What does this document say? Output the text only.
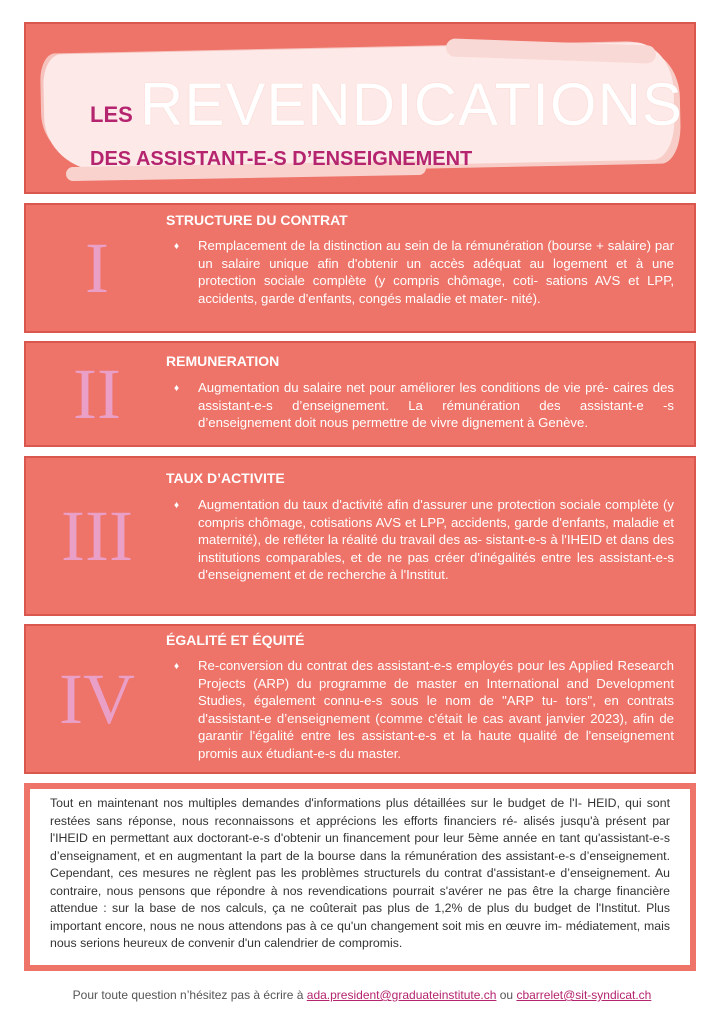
REVENDICATIONS
LES
DES ASSISTANT-E-S D’ENSEIGNEMENT
I
STRUCTURE DU CONTRAT
♦	Remplacement de la distinction au sein de la rémunération (bourse + salaire) par un salaire unique afin d'obtenir un accès adéquat au logement et à une protection sociale complète (y compris chômage, coti- sations AVS et LPP, accidents, garde d'enfants, congés maladie et mater- nité).

II	REMUNERATION
♦	Augmentation du salaire net pour améliorer les conditions de vie pré- caires des assistant-e-s d’enseignement. La rémunération des assistant-e -s d’enseignement doit nous permettre de vivre dignement à Genève.

III
TAUX D’ACTIVITE
♦	Augmentation du taux d'activité afin d'assurer une protection sociale complète (y compris chômage, cotisations AVS et LPP, accidents, garde d'enfants, maladie et maternité), de refléter la réalité du travail des as- sistant-e-s à l'IHEID et dans des institutions comparables, et de ne pas créer d'inégalités entre les assistant-e-s d'enseignement et de recherche à l'Institut.

IV
ÉGALITÉ ET ÉQUITÉ
♦	Re-conversion du contrat des assistant-e-s employés pour les Applied Research Projects (ARP) du programme de master en International and Development Studies, également connu-e-s sous le nom de "ARP tu- tors", en contrats d'assistant-e d’enseignement (comme c'était le cas avant janvier 2023), afin de garantir l'égalité entre les assistant-e-s et la haute qualité de l'enseignement promis aux étudiant-e-s du master.

Tout en maintenant nos multiples demandes d'informations plus détaillées sur le budget de l'I- HEID, qui sont restées sans réponse, nous reconnaissons et apprécions les efforts financiers ré- alisés jusqu'à présent par l'IHEID en permettant aux doctorant-e-s d'obtenir un financement pour leur 5ème année en tant qu'assistant-e-s d’enseignament, et en augmentant la part de la bourse dans la rémunération des assistant-e-s d’enseignement. Cependant, ces mesures ne règlent pas les problèmes structurels du contrat d'assistant-e d’enseignement. Au contraire, nous pensons que répondre à nos revendications pourrait s'avérer ne pas être la charge financière attendue : sur la base de nos calculs, ça ne coûterait pas plus de 1,2% de plus du budget de l'Institut. Plus important encore, nous ne nous attendons pas à ce qu'un changement soit mis en œuvre im- médiatement, mais nous serions heureux de convenir d'un calendrier de compromis.

Pour toute question n’hésitez pas à écrire à ada.president@graduateinstitute.ch ou cbarrelet@sit-syndicat.ch
